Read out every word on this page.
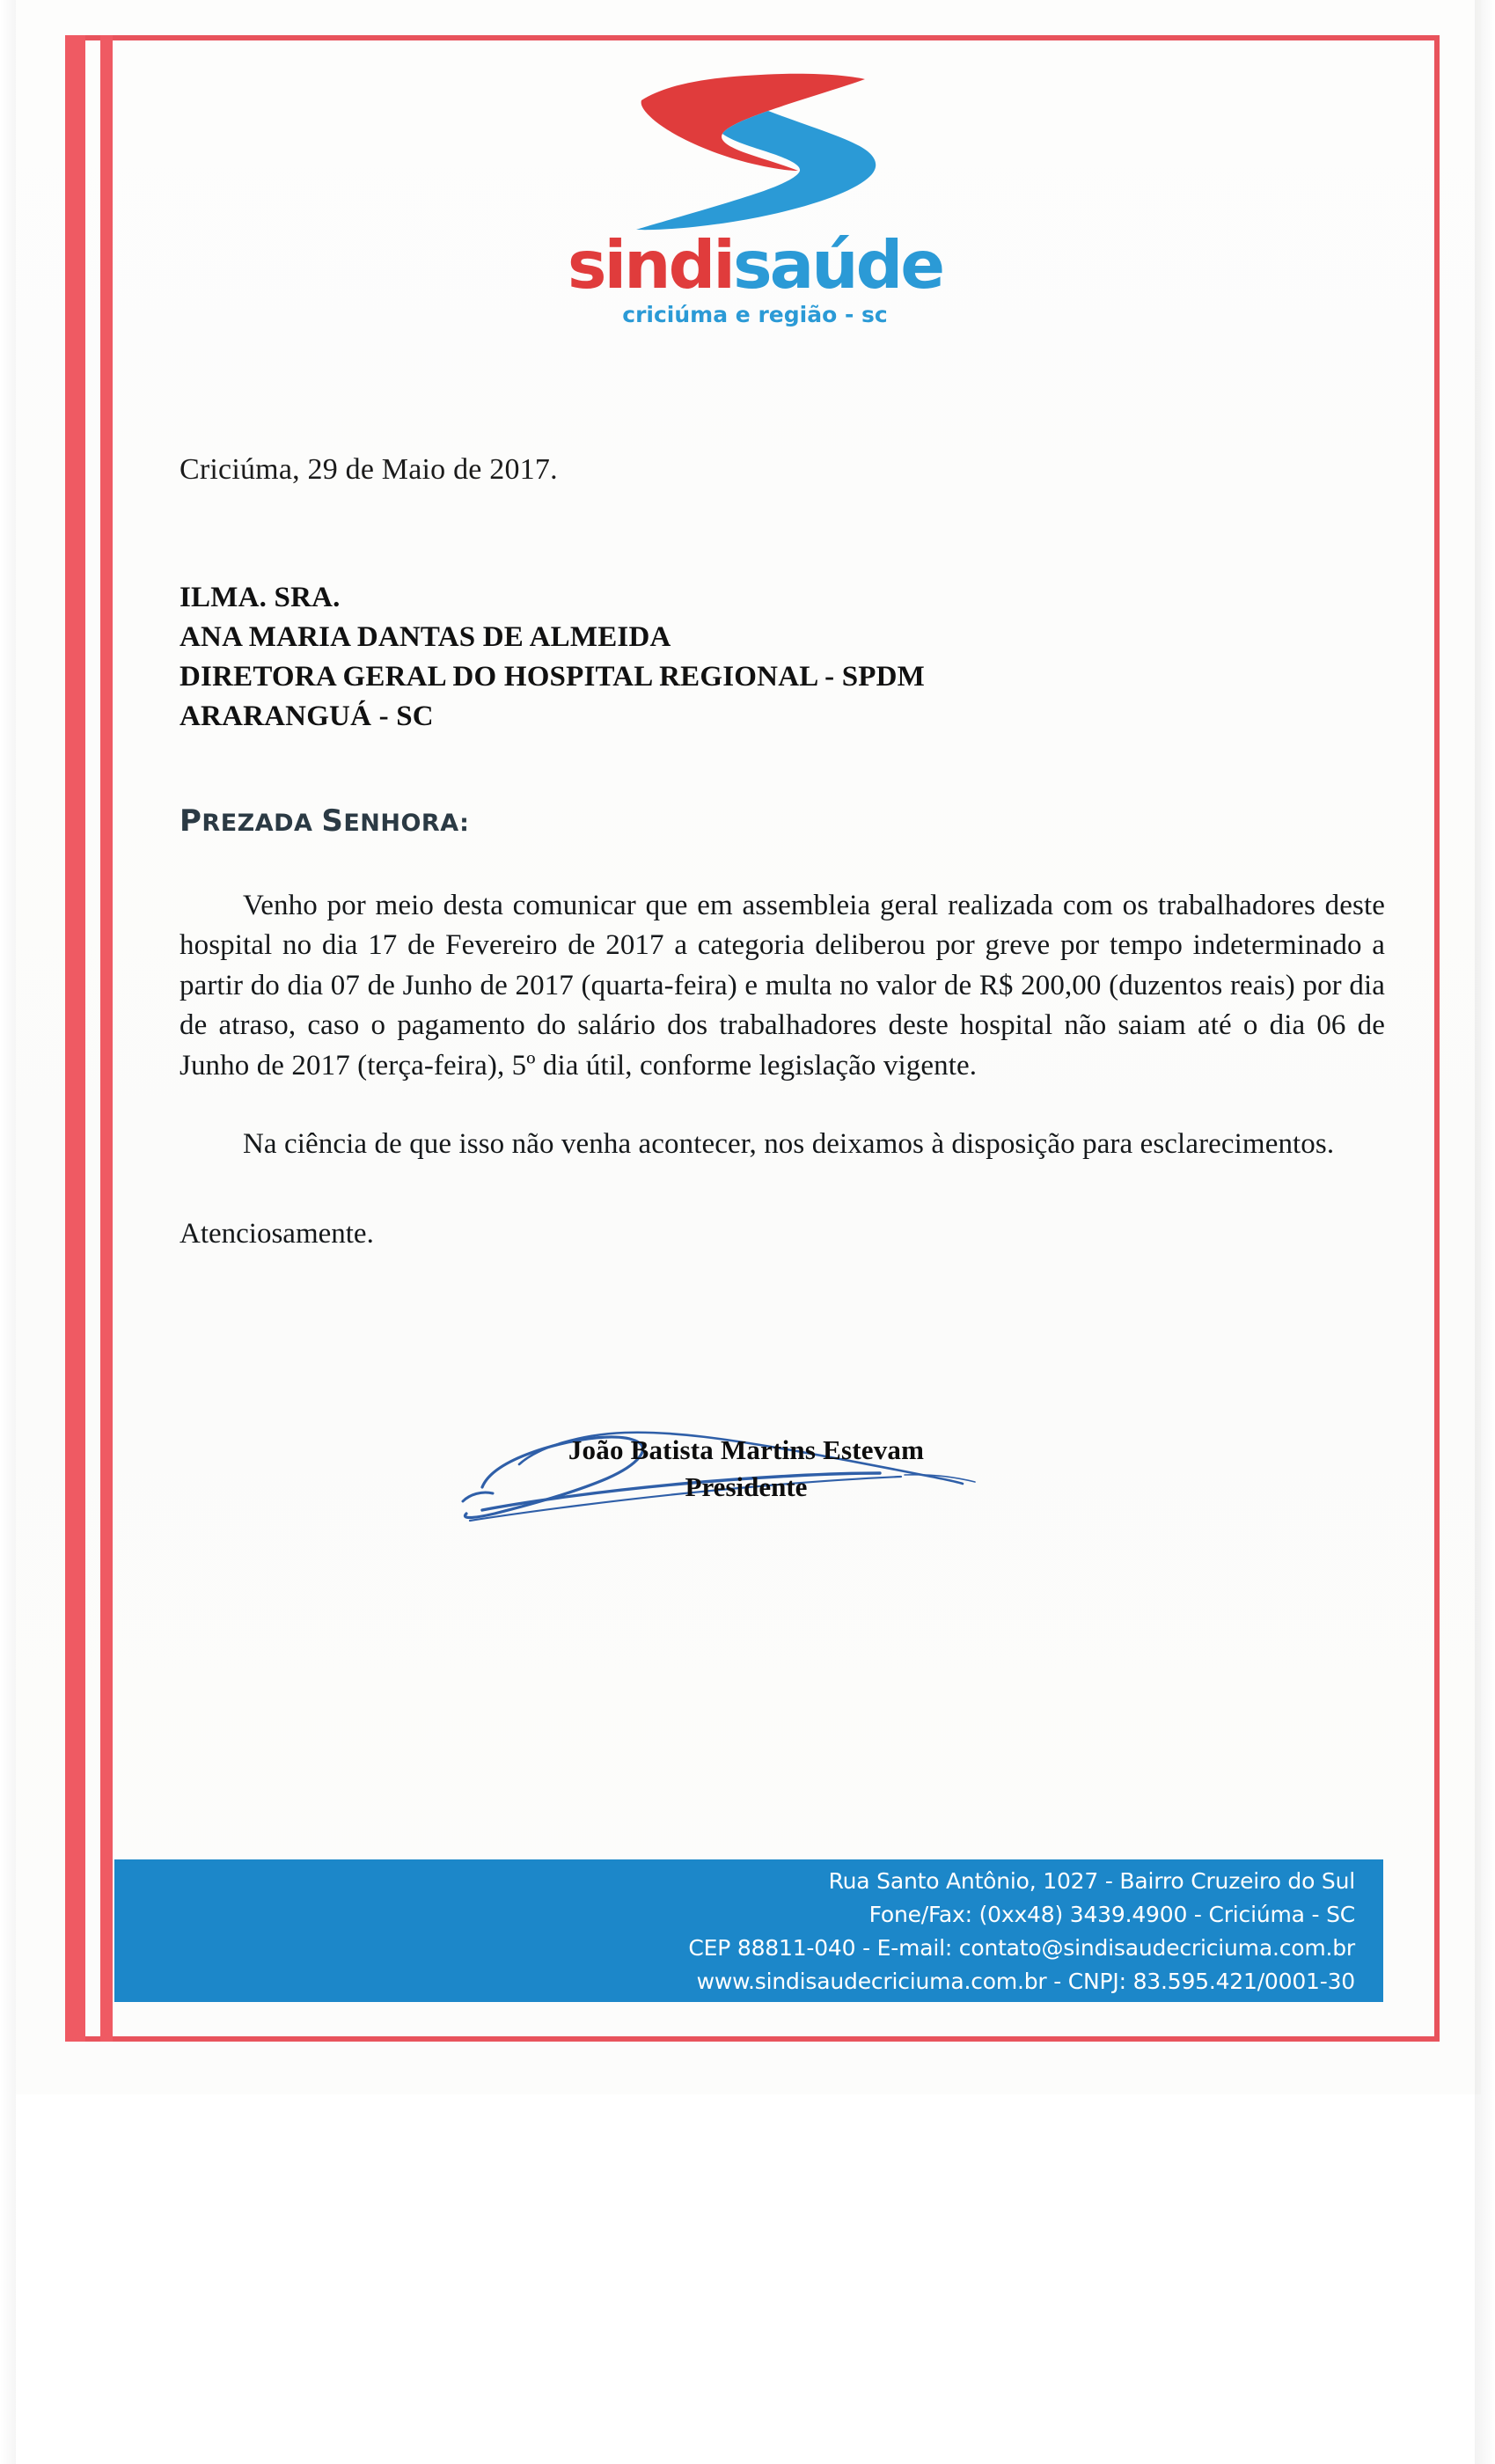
sindisaúde
criciúma e região - sc
Criciúma, 29 de Maio de 2017.
ILMA. SRA.
ANA MARIA DANTAS DE ALMEIDA
DIRETORA GERAL DO HOSPITAL REGIONAL - SPDM
ARARANGUÁ - SC
PREZADA SENHORA:
Venho por meio desta comunicar que em assembleia geral realizada com os trabalhadores deste hospital no dia 17 de Fevereiro de 2017 a categoria deliberou por greve por tempo indeterminado a partir do dia 07 de Junho de 2017 (quarta-feira) e multa no valor de R$ 200,00 (duzentos reais) por dia de atraso, caso o pagamento do salário dos trabalhadores deste hospital não saiam até o dia 06 de Junho de 2017 (terça-feira), 5º dia útil, conforme legislação vigente.
Na ciência de que isso não venha acontecer, nos deixamos à disposição para esclarecimentos.
Atenciosamente.
João Batista Martins Estevam
Presidente
Rua Santo Antônio, 1027 - Bairro Cruzeiro do Sul
Fone/Fax: (0xx48) 3439.4900 - Criciúma - SC
CEP 88811-040 - E-mail: contato@sindisaudecriciuma.com.br
www.sindisaudecriciuma.com.br - CNPJ: 83.595.421/0001-30
